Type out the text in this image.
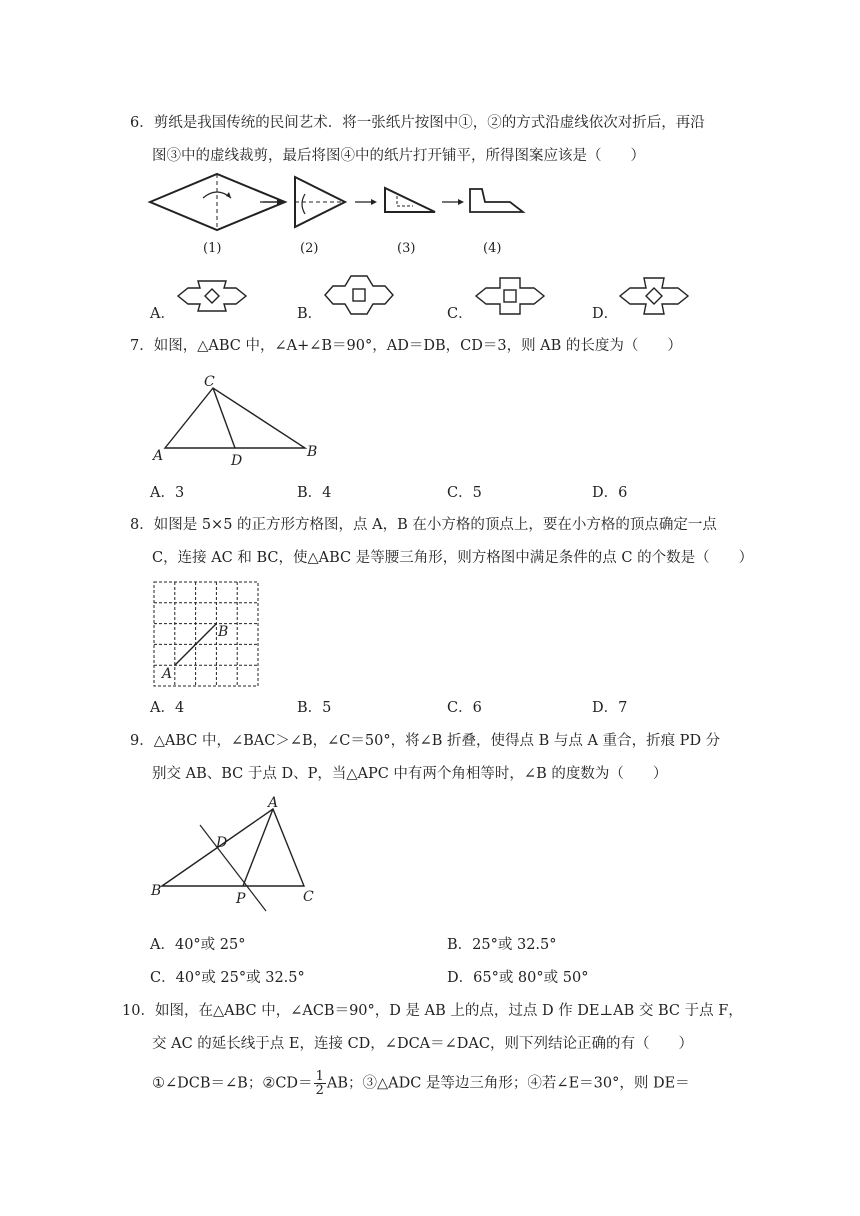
6．剪纸是我国传统的民间艺术．将一张纸片按图中①，②的方式沿虚线依次对折后，再沿
图③中的虚线裁剪，最后将图④中的纸片打开铺平，所得图案应该是（　　）
(1)	(2)	(3)	(4)
A．	B．	C．	D．
7．如图，△ABC 中，∠A+∠B＝90°，AD＝DB，CD＝3，则 AB 的长度为（　　）
C
A	D
B
A．3	B．4	C．5	D．6
8．如图是 5×5 的正方形方格图，点 A，B 在小方格的顶点上，要在小方格的顶点确定一点
C，连接 AC 和 BC，使△ABC 是等腰三角形，则方格图中满足条件的点 C 的个数是（　　）
B
A
A．4	B．5	C．6	D．7
9．△ABC 中，∠BAC＞∠B，∠C＝50°，将∠B 折叠，使得点 B 与点 A 重合，折痕 PD 分
别交 AB、BC 于点 D、P，当△APC 中有两个角相等时，∠B 的度数为（　　）
A
D
B	P	C
A．40°或 25°	B．25°或 32.5°
C．40°或 25°或 32.5°	D．65°或 80°或 50°
10．如图，在△ABC 中，∠ACB＝90°，D 是 AB 上的点，过点 D 作 DE⊥AB 交 BC 于点 F，
交 AC 的延长线于点 E，连接 CD，∠DCA＝∠DAC，则下列结论正确的有（　　）
①∠DCB＝∠B；②CD＝ $\frac{1}{2}$ AB；③△ADC 是等边三角形；④若∠E＝30°，则 DE＝
